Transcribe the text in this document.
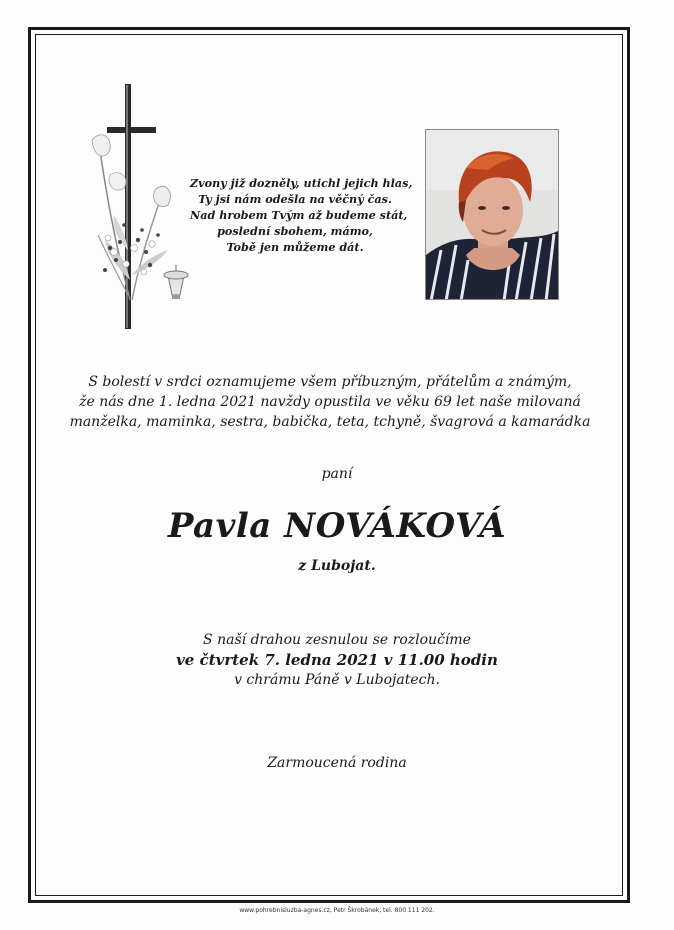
Zvony již dozněly, utichl jejich hlas,
Ty jsi nám odešla na věčný čas.
Nad hrobem Tvým až budeme stát,
poslední sbohem, mámo,
Tobě jen můžeme dát.
S bolestí v srdci oznamujeme všem příbuzným, přátelům a známým,
že nás dne 1. ledna 2021 navždy opustila ve věku 69 let naše milovaná
manželka, maminka, sestra, babička, teta, tchyně, švagrová a kamarádka
paní
Pavla NOVÁKOVÁ
z Lubojat.
S naší drahou zesnulou se rozloučíme
ve čtvrtek 7. ledna 2021 v 11.00 hodin
v chrámu Páně v Lubojatech.
Zarmoucená rodina
www.pohrebnisluzba-agnes.cz, Petr Škrobánek, tel. 800 111 202.
